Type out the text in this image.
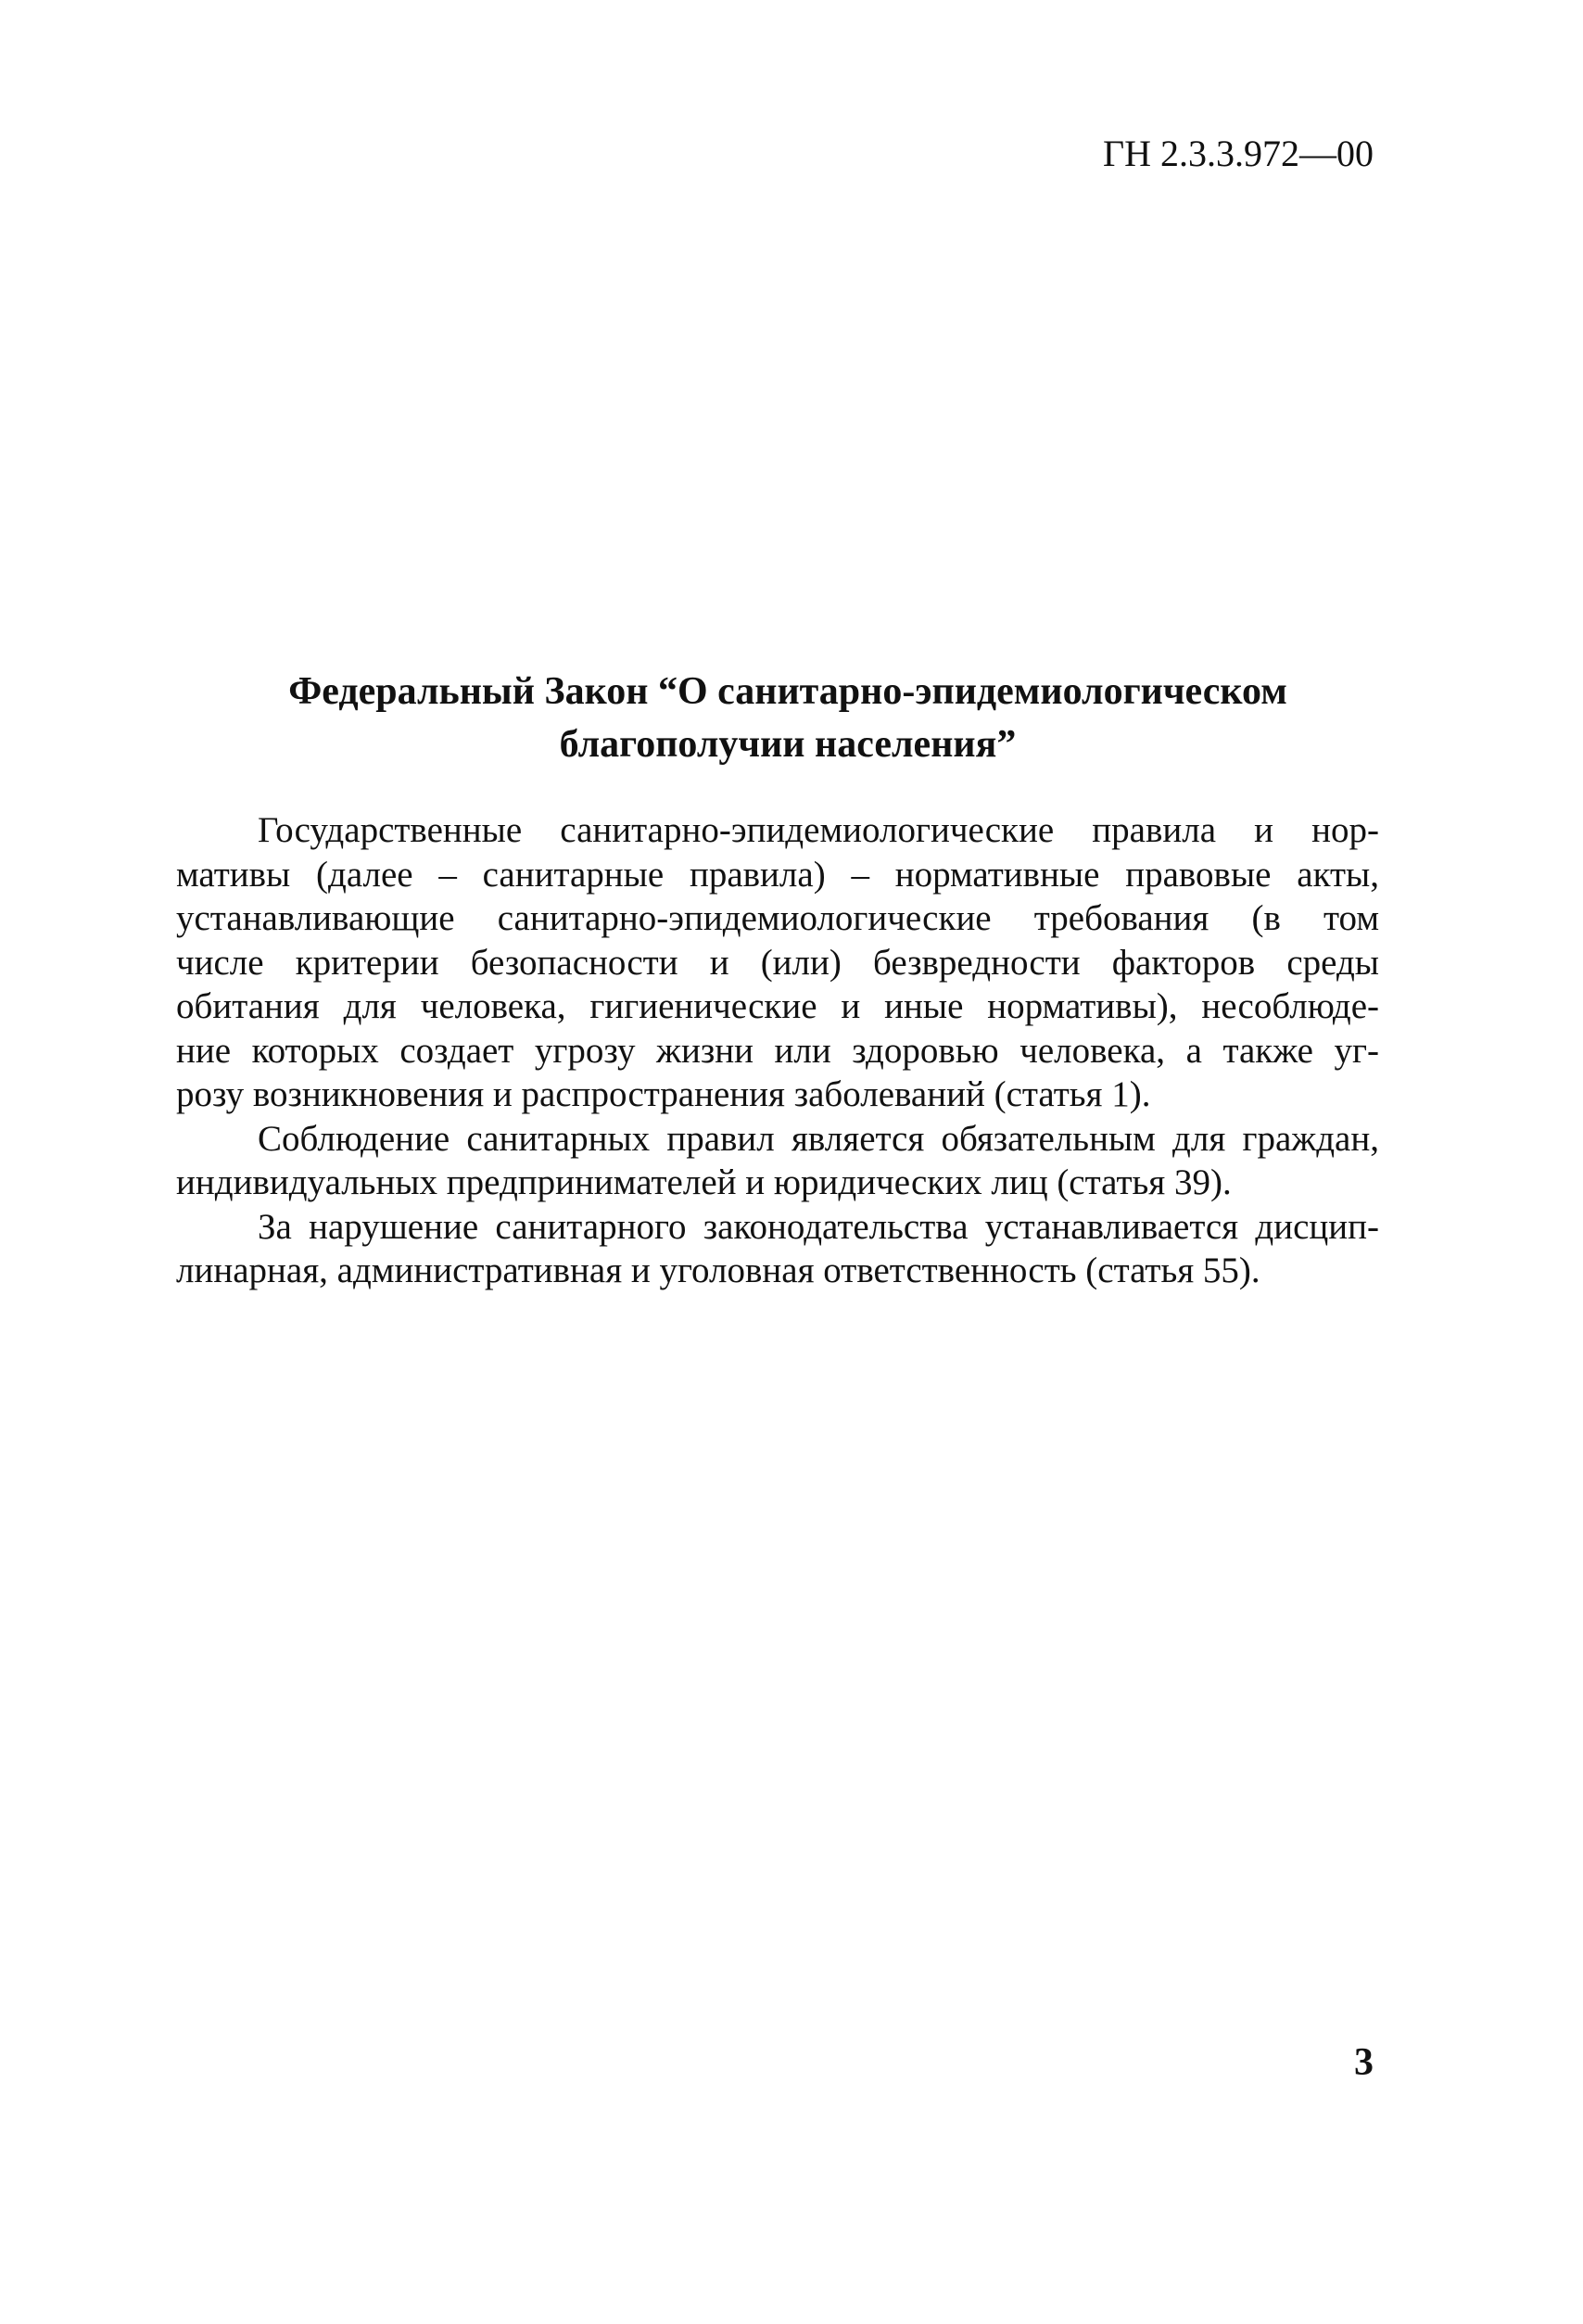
ГН 2.3.3.972—00
Федеральный Закон “О санитарно-эпидемиологическом
благополучии населения”
Государственные санитарно-эпидемиологические правила и нор-
мативы (далее – санитарные правила) – нормативные правовые акты,
устанавливающие санитарно-эпидемиологические требования (в том
числе критерии безопасности и (или) безвредности факторов среды
обитания для человека, гигиенические и иные нормативы), несоблюде-
ние которых создает угрозу жизни или здоровью человека, а также уг-
розу возникновения и распространения заболеваний (статья 1).
Соблюдение санитарных правил является обязательным для граждан,
индивидуальных предпринимателей и юридических лиц (статья 39).
За нарушение санитарного законодательства устанавливается дисцип-
линарная, административная и уголовная ответственность (статья 55).
3
